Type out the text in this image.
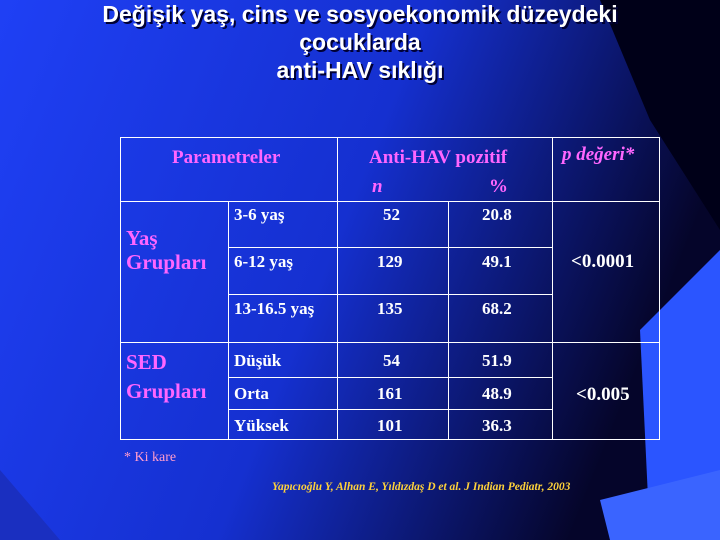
Değişik yaş, cins ve sosyoekonomik düzeydeki
çocuklarda
anti-HAV sıklığı
Parametreler	Anti-HAV pozitif
n	%
p değeri*
Yaş
Grupları
3-6 yaş	52	20.8
6-12 yaş	129	49.1
13-16.5 yaş	135	68.2
<0.0001
SED
Grupları
Düşük	54	51.9
Orta	161	48.9
Yüksek	101	36.3
<0.005
* Ki kare
Yapıcıoğlu Y, Alhan E, Yıldızdaş D et al. J Indian Pediatr, 2003
